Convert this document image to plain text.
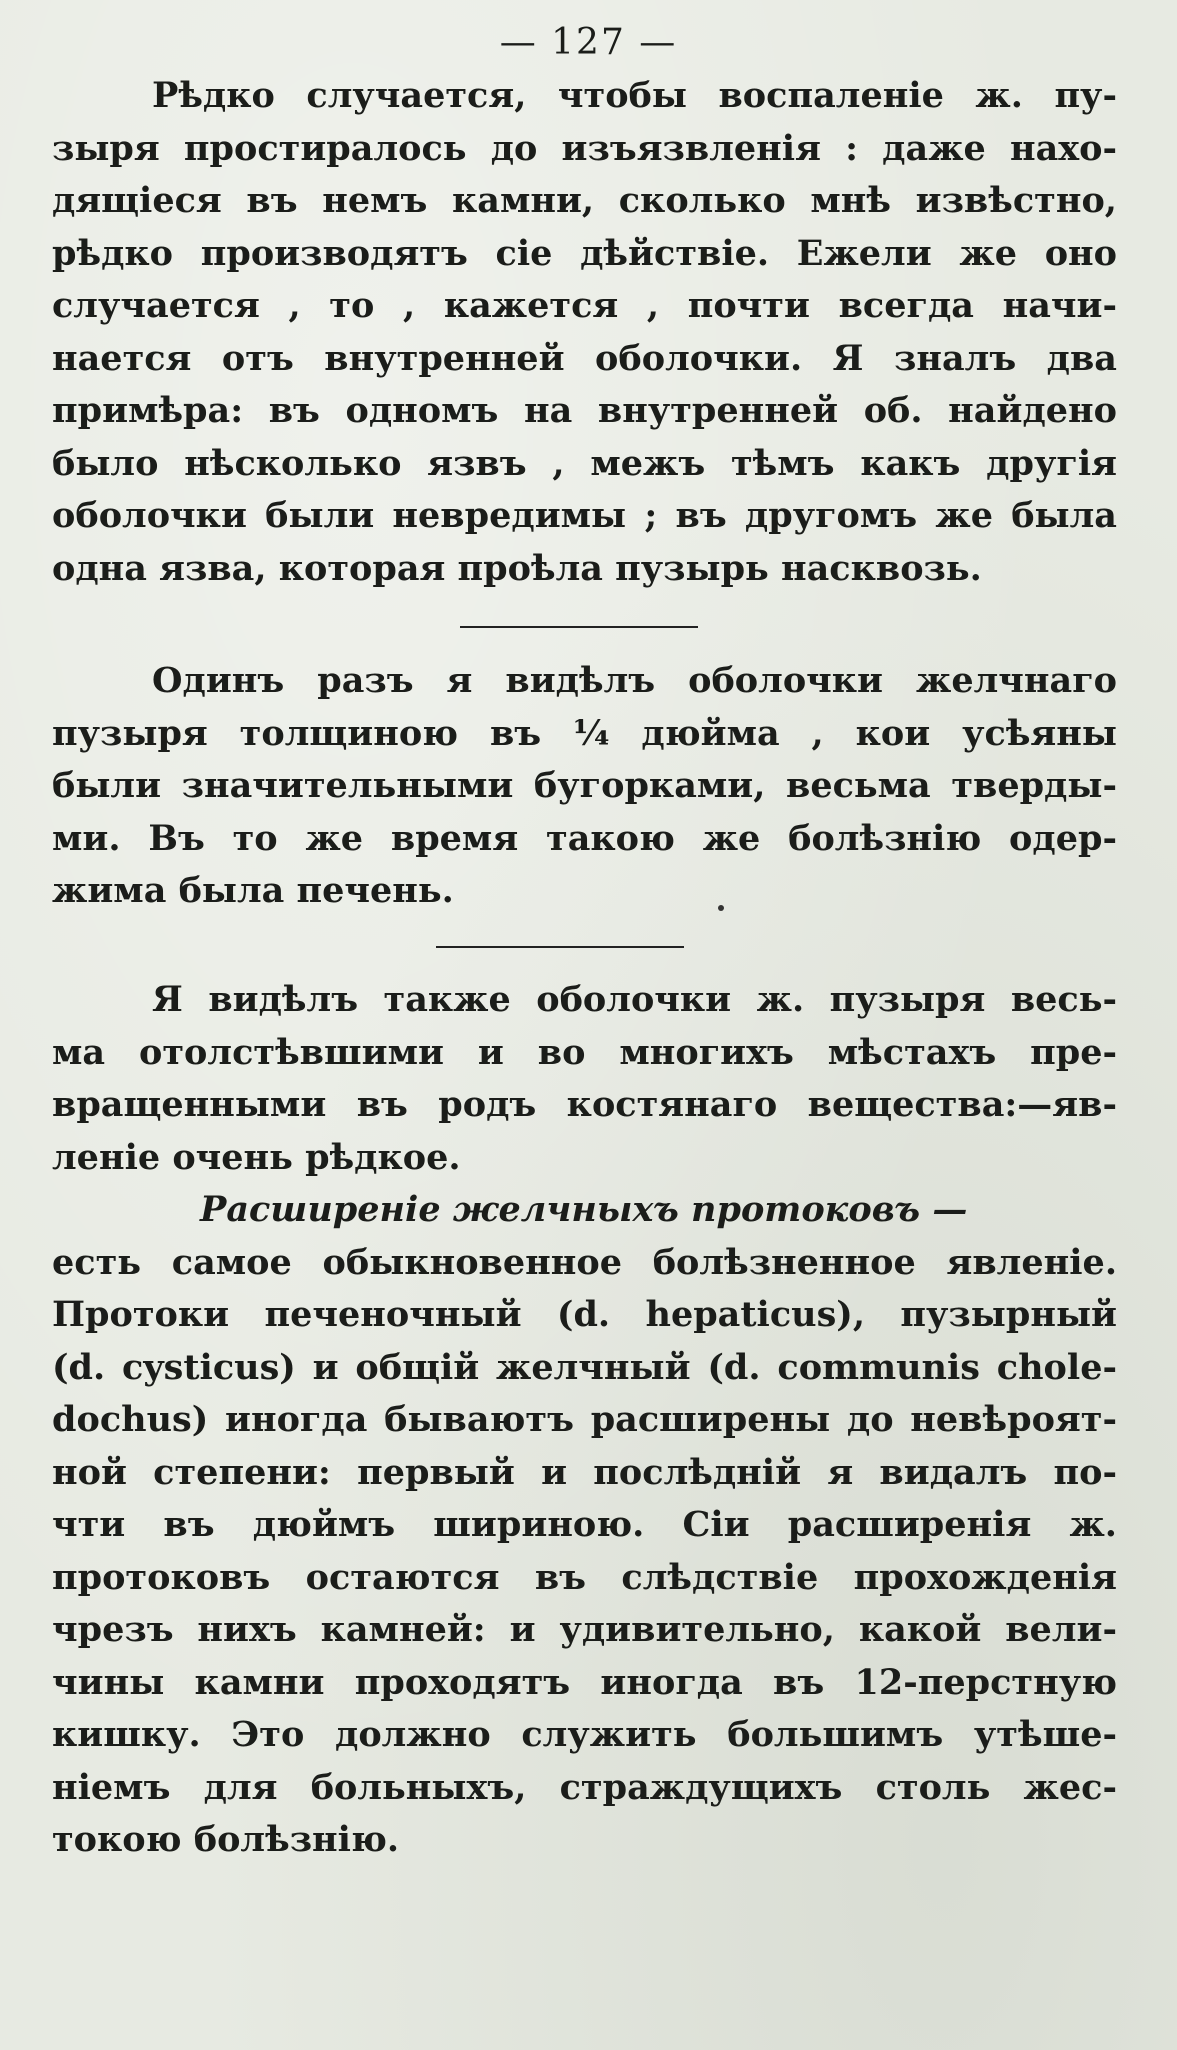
— 127 —
Рѣдко случается, чтобы воспаленіе ж. пу-
зыря простиралось до изъязвленія : даже нахо-
дящіеся въ немъ камни, сколько мнѣ извѣстно,
рѣдко производятъ сіе дѣйствіе. Ежели же оно
случается , то , кажется , почти всегда начи-
нается отъ внутренней оболочки. Я зналъ два
примѣра: въ одномъ на внутренней об. найдено
было нѣсколько язвъ , межъ тѣмъ какъ другія
оболочки были невредимы ; въ другомъ же была
одна язва, которая проѣла пузырь насквозь.
Одинъ разъ я видѣлъ оболочки желчнаго
пузыря толщиною въ ¼ дюйма , кои усѣяны
были значительными бугорками, весьма тверды-
ми. Въ то же время такою же болѣзнію одер-
жима была печень.
Я видѣлъ также оболочки ж. пузыря весь-
ма отолстѣвшими и во многихъ мѣстахъ пре-
вращенными въ родъ костянаго вещества:—яв-
леніе очень рѣдкое.
Расширеніе желчныхъ протоковъ —
есть самое обыкновенное болѣзненное явленіе.
Протоки печеночный (d. hepaticus), пузырный
(d. cysticus) и общій желчный (d. communis chole-
dochus) иногда бываютъ расширены до невѣроят-
ной степени: первый и послѣдній я видалъ по-
чти въ дюймъ шириною. Сіи расширенія ж.
протоковъ остаются въ слѣдствіе прохожденія
чрезъ нихъ камней: и удивительно, какой вели-
чины камни проходятъ иногда въ 12-перстную
кишку. Это должно служить большимъ утѣше-
ніемъ для больныхъ, страждущихъ столь жес-
токою болѣзнію.
